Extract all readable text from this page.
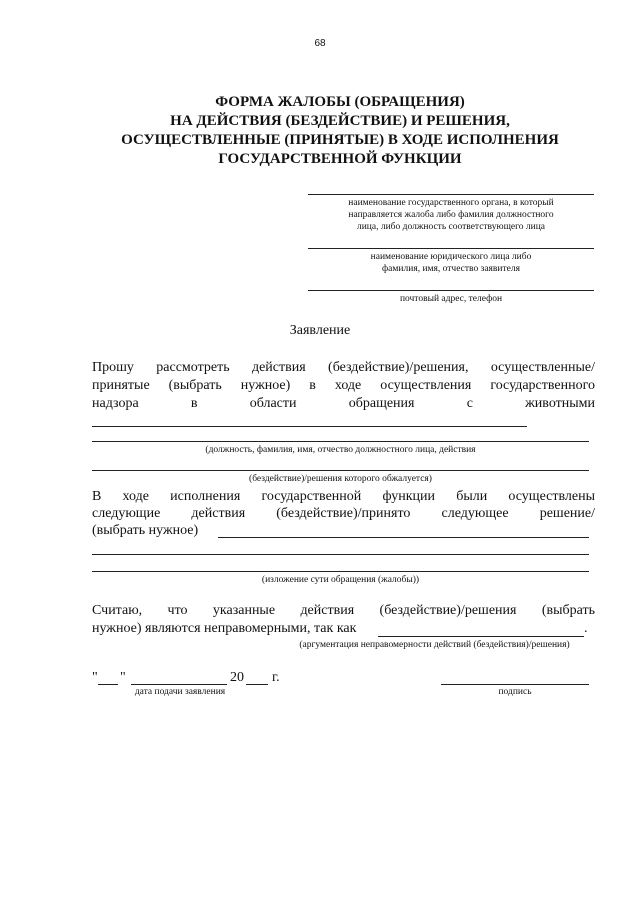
68
ФОРМА ЖАЛОБЫ (ОБРАЩЕНИЯ)
НА ДЕЙСТВИЯ (БЕЗДЕЙСТВИЕ) И РЕШЕНИЯ,
ОСУЩЕСТВЛЕННЫЕ (ПРИНЯТЫЕ) В ХОДЕ ИСПОЛНЕНИЯ
ГОСУДАРСТВЕННОЙ ФУНКЦИИ
наименование государственного органа, в который
направляется жалоба либо фамилия должностного
лица, либо должность соответствующего лица
наименование юридического лица либо
фамилия, имя, отчество заявителя
почтовый адрес, телефон
Заявление
Прошу рассмотреть действия (бездействие)/решения, осуществленные/
принятые (выбрать нужное) в ходе осуществления государственного
надзора в области обращения с животными
(должность, фамилия, имя, отчество должностного лица, действия
(бездействие)/решения которого обжалуется)
В ходе исполнения государственной функции были осуществлены
следующие действия (бездействие)/принято следующее решение/
(выбрать нужное)
(изложение сути обращения (жалобы))
Считаю, что указанные действия (бездействие)/решения (выбрать
нужное) являются неправомерными, так как	.
(аргументация неправомерности действий (бездействия)/решения)
" "	20 г.
дата подачи заявления	подпись
